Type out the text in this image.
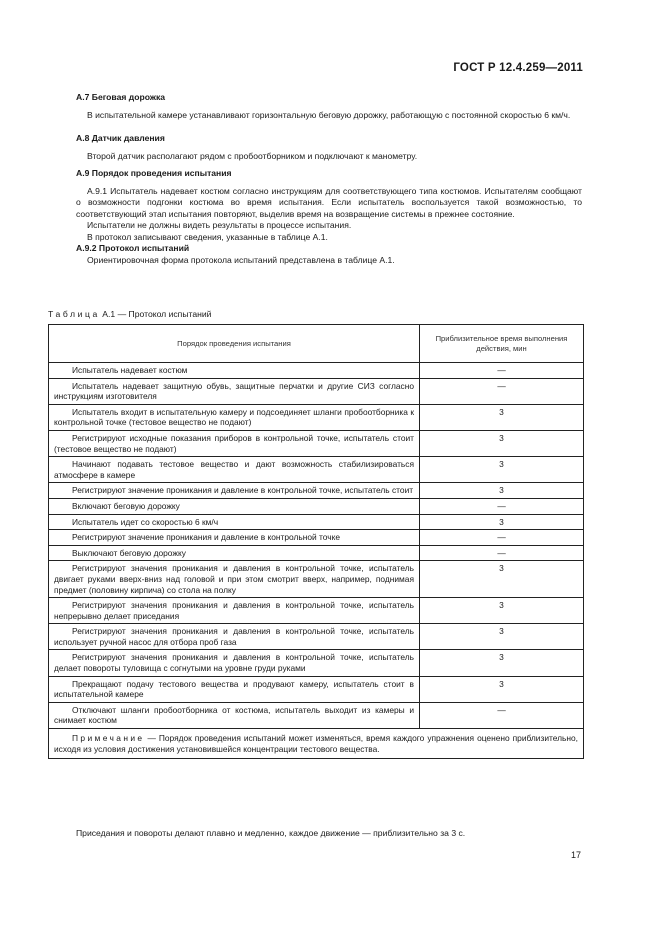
ГОСТ Р 12.4.259—2011

А.7 Беговая дорожка

В испытательной камере устанавливают горизонтальную беговую дорожку, работающую с постоянной скоростью 6 км/ч.

А.8 Датчик давления

Второй датчик располагают рядом с пробоотборником и подключают к манометру.

А.9 Порядок проведения испытания

А.9.1 Испытатель надевает костюм согласно инструкциям для соответствующего типа костюмов. Испытателям сообщают о возможности подгонки костюма во время испытания. Если испытатель воспользуется такой возможностью, то соответствующий этап испытания повторяют, выделив время на возвращение системы в прежнее состояние.

Испытатели не должны видеть результаты в процессе испытания.

В протокол записывают сведения, указанные в таблице А.1.

А.9.2 Протокол испытаний

Ориентировочная форма протокола испытаний представлена в таблице А.1.

Таблица А.1 — Протокол испытаний
Порядок проведения испытания	Приблизительное время выполнения действия, мин
Испытатель надевает костюм	—
Испытатель надевает защитную обувь, защитные перчатки и другие СИЗ согласно инструкциям изготовителя	—
Испытатель входит в испытательную камеру и подсоединяет шланги пробоотборника к контрольной точке (тестовое вещество не подают)	3
Регистрируют исходные показания приборов в контрольной точке, испытатель стоит (тестовое вещество не подают)	3
Начинают подавать тестовое вещество и дают возможность стабилизироваться атмосфере в камере	3
Регистрируют значение проникания и давление в контрольной точке, испытатель стоит	3
Включают беговую дорожку	—
Испытатель идет со скоростью 6 км/ч	3
Регистрируют значение проникания и давление в контрольной точке	—
Выключают беговую дорожку	—
Регистрируют значения проникания и давления в контрольной точке, испытатель двигает руками вверх-вниз над головой и при этом смотрит вверх, например, поднимая предмет (половину кирпича) со стола на полку	3
Регистрируют значения проникания и давления в контрольной точке, испытатель непрерывно делает приседания	3
Регистрируют значения проникания и давления в контрольной точке, испытатель использует ручной насос для отбора проб газа	3
Регистрируют значения проникания и давления в контрольной точке, испытатель делает повороты туловища с согнутыми на уровне груди руками	3
Прекращают подачу тестового вещества и продувают камеру, испытатель стоит в испытательной камере	3
Отключают шланги пробоотборника от костюма, испытатель выходит из камеры и снимает костюм	—
Примечание — Порядок проведения испытаний может изменяться, время каждого упражнения оценено приблизительно, исходя из условия достижения установившейся концентрации тестового вещества.	
Приседания и повороты делают плавно и медленно, каждое движение — приблизительно за 3 с.
17
